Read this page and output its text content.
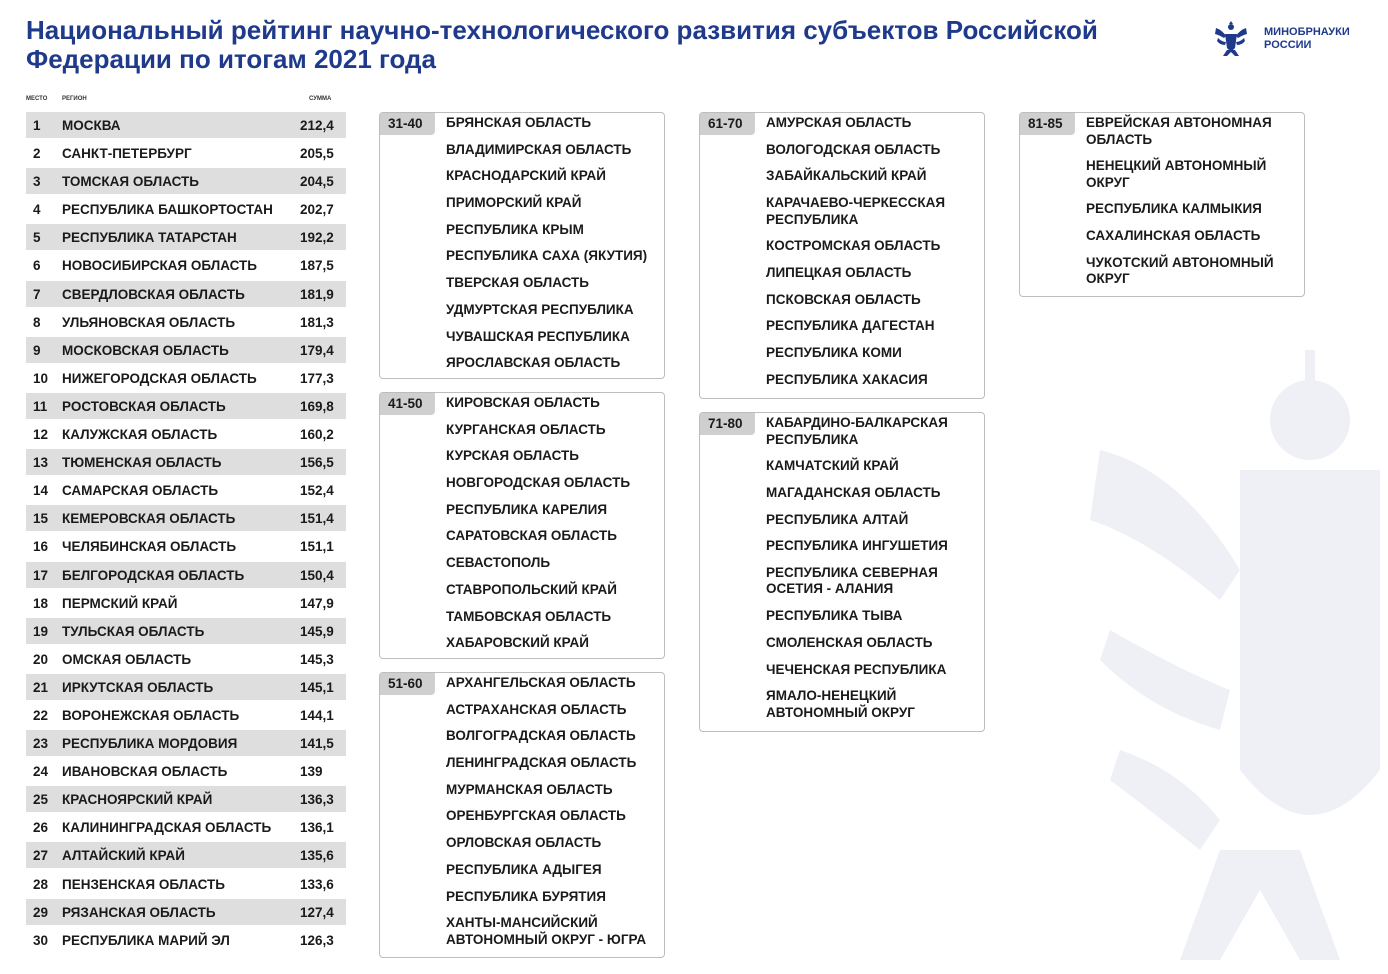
Национальный рейтинг научно-технологического развития субъектов Российской Федерации по итогам 2021 года
МИНОБРНАУКИ
РОССИИ
МЕСТО РЕГИОН	СУММА
1 МОСКВА	212,4
2 САНКТ-ПЕТЕРБУРГ	205,5
3 ТОМСКАЯ ОБЛАСТЬ	204,5
4 РЕСПУБЛИКА БАШКОРТОСТАН 202,7
5 РЕСПУБЛИКА ТАТАРСТАН	192,2
6 НОВОСИБИРСКАЯ ОБЛАСТЬ	187,5
7 СВЕРДЛОВСКАЯ ОБЛАСТЬ	181,9
8 УЛЬЯНОВСКАЯ ОБЛАСТЬ	181,3
9 МОСКОВСКАЯ ОБЛАСТЬ	179,4
10 НИЖЕГОРОДСКАЯ ОБЛАСТЬ	177,3
11 РОСТОВСКАЯ ОБЛАСТЬ	169,8
12 КАЛУЖСКАЯ ОБЛАСТЬ	160,2
13 ТЮМЕНСКАЯ ОБЛАСТЬ	156,5
14 САМАРСКАЯ ОБЛАСТЬ	152,4
15 КЕМЕРОВСКАЯ ОБЛАСТЬ	151,4
16 ЧЕЛЯБИНСКАЯ ОБЛАСТЬ	151,1
17 БЕЛГОРОДСКАЯ ОБЛАСТЬ	150,4
18 ПЕРМСКИЙ КРАЙ	147,9
19 ТУЛЬСКАЯ ОБЛАСТЬ	145,9
20 ОМСКАЯ ОБЛАСТЬ	145,3
21 ИРКУТСКАЯ ОБЛАСТЬ	145,1
22 ВОРОНЕЖСКАЯ ОБЛАСТЬ	144,1
23 РЕСПУБЛИКА МОРДОВИЯ	141,5
24 ИВАНОВСКАЯ ОБЛАСТЬ	139
25 КРАСНОЯРСКИЙ КРАЙ	136,3
26 КАЛИНИНГРАДСКАЯ ОБЛАСТЬ 136,1
27 АЛТАЙСКИЙ КРАЙ	135,6
28 ПЕНЗЕНСКАЯ ОБЛАСТЬ	133,6
29 РЯЗАНСКАЯ ОБЛАСТЬ	127,4
30 РЕСПУБЛИКА МАРИЙ ЭЛ	126,3
31-40	БРЯНСКАЯ ОБЛАСТЬ
ВЛАДИМИРСКАЯ ОБЛАСТЬ
КРАСНОДАРСКИЙ КРАЙ
ПРИМОРСКИЙ КРАЙ
РЕСПУБЛИКА КРЫМ
РЕСПУБЛИКА САХА (ЯКУТИЯ)
ТВЕРСКАЯ ОБЛАСТЬ
УДМУРТСКАЯ РЕСПУБЛИКА
ЧУВАШСКАЯ РЕСПУБЛИКА
ЯРОСЛАВСКАЯ ОБЛАСТЬ
41-50	КИРОВСКАЯ ОБЛАСТЬ
КУРГАНСКАЯ ОБЛАСТЬ
КУРСКАЯ ОБЛАСТЬ
НОВГОРОДСКАЯ ОБЛАСТЬ
РЕСПУБЛИКА КАРЕЛИЯ
САРАТОВСКАЯ ОБЛАСТЬ
СЕВАСТОПОЛЬ
СТАВРОПОЛЬСКИЙ КРАЙ
ТАМБОВСКАЯ ОБЛАСТЬ
ХАБАРОВСКИЙ КРАЙ
51-60	АРХАНГЕЛЬСКАЯ ОБЛАСТЬ
АСТРАХАНСКАЯ ОБЛАСТЬ
ВОЛГОГРАДСКАЯ ОБЛАСТЬ
ЛЕНИНГРАДСКАЯ ОБЛАСТЬ
МУРМАНСКАЯ ОБЛАСТЬ
ОРЕНБУРГСКАЯ ОБЛАСТЬ
ОРЛОВСКАЯ ОБЛАСТЬ
РЕСПУБЛИКА АДЫГЕЯ
РЕСПУБЛИКА БУРЯТИЯ
ХАНТЫ-МАНСИЙСКИЙ АВТОНОМНЫЙ ОКРУГ - ЮГРА
61-70	АМУРСКАЯ ОБЛАСТЬ
ВОЛОГОДСКАЯ ОБЛАСТЬ
ЗАБАЙКАЛЬСКИЙ КРАЙ
КАРАЧАЕВО-ЧЕРКЕССКАЯ РЕСПУБЛИКА
КОСТРОМСКАЯ ОБЛАСТЬ
ЛИПЕЦКАЯ ОБЛАСТЬ
ПСКОВСКАЯ ОБЛАСТЬ
РЕСПУБЛИКА ДАГЕСТАН
РЕСПУБЛИКА КОМИ
РЕСПУБЛИКА ХАКАСИЯ
71-80	КАБАРДИНО-БАЛКАРСКАЯ РЕСПУБЛИКА
КАМЧАТСКИЙ КРАЙ
МАГАДАНСКАЯ ОБЛАСТЬ
РЕСПУБЛИКА АЛТАЙ
РЕСПУБЛИКА ИНГУШЕТИЯ
РЕСПУБЛИКА СЕВЕРНАЯ ОСЕТИЯ - АЛАНИЯ
РЕСПУБЛИКА ТЫВА
СМОЛЕНСКАЯ ОБЛАСТЬ
ЧЕЧЕНСКАЯ РЕСПУБЛИКА
ЯМАЛО-НЕНЕЦКИЙ АВТОНОМНЫЙ ОКРУГ
81-85	ЕВРЕЙСКАЯ АВТОНОМНАЯ ОБЛАСТЬ
НЕНЕЦКИЙ АВТОНОМНЫЙ ОКРУГ
РЕСПУБЛИКА КАЛМЫКИЯ
САХАЛИНСКАЯ ОБЛАСТЬ
ЧУКОТСКИЙ АВТОНОМНЫЙ ОКРУГ
